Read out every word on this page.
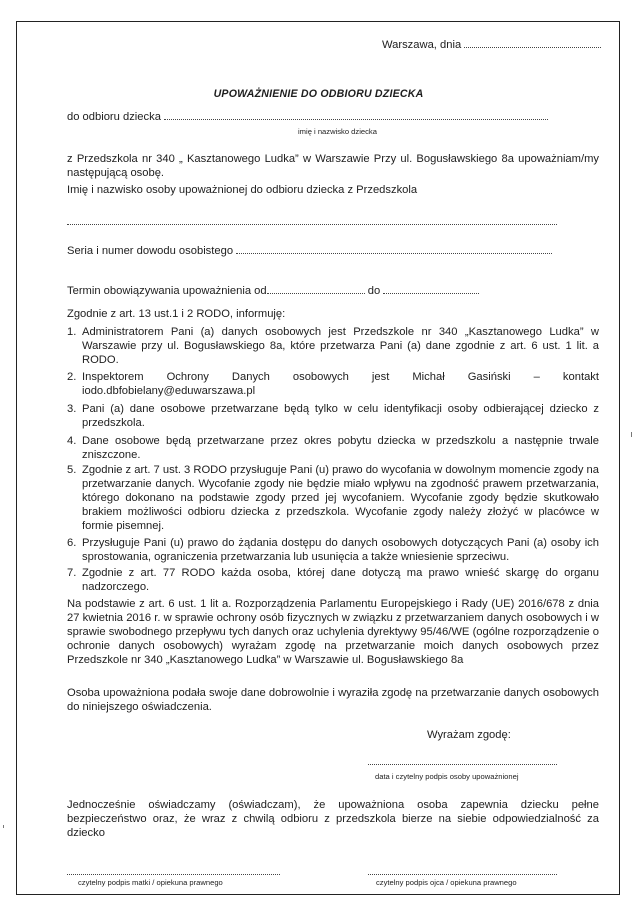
Warszawa, dnia
UPOWAŻNIENIE DO ODBIORU DZIECKA
do odbioru dziecka
imię i nazwisko dziecka
z Przedszkola nr 340 „ Kasztanowego Ludka” w Warszawie Przy ul. Bogusławskiego 8a upoważniam/my następującą osobę.
Imię i nazwisko osoby upoważnionej do odbioru dziecka z Przedszkola
Seria i numer dowodu osobistego
Termin obowiązywania upoważnienia od	do
Zgodnie z art. 13 ust.1 i 2 RODO, informuję:
1. Administratorem Pani (a) danych osobowych jest Przedszkole nr 340 „Kasztanowego Ludka” w Warszawie przy ul. Bogusławskiego 8a, które przetwarza Pani (a) dane zgodnie z art. 6 ust. 1 lit. a RODO.
2. Inspektorem Ochrony Danych osobowych jest Michał Gasiński – kontakt iodo.dbfobielany@eduwarszawa.pl
3. Pani (a) dane osobowe przetwarzane będą tylko w celu identyfikacji osoby odbierającej dziecko z przedszkola.
4. Dane osobowe będą przetwarzane przez okres pobytu dziecka w przedszkolu a następnie trwale zniszczone.
5. Zgodnie z art. 7 ust. 3 RODO przysługuje Pani (u) prawo do wycofania w dowolnym momencie zgody na przetwarzanie danych. Wycofanie zgody nie będzie miało wpływu na zgodność prawem przetwarzania, którego dokonano na podstawie zgody przed jej wycofaniem. Wycofanie zgody będzie skutkowało brakiem możliwości odbioru dziecka z przedszkola. Wycofanie zgody należy złożyć w placówce w formie pisemnej.
6. Przysługuje Pani (u) prawo do żądania dostępu do danych osobowych dotyczących Pani (a) osoby ich sprostowania, ograniczenia przetwarzania lub usunięcia a także wniesienie sprzeciwu.
7. Zgodnie z art. 77 RODO każda osoba, której dane dotyczą ma prawo wnieść skargę do organu nadzorczego.
Na podstawie z art. 6 ust. 1 lit a. Rozporządzenia Parlamentu Europejskiego i Rady (UE) 2016/678 z dnia 27 kwietnia 2016 r. w sprawie ochrony osób fizycznych w związku z przetwarzaniem danych osobowych i w sprawie swobodnego przepływu tych danych oraz uchylenia dyrektywy 95/46/WE (ogólne rozporządzenie o ochronie danych osobowych) wyrażam zgodę na przetwarzanie moich danych osobowych przez Przedszkole nr 340 „Kasztanowego Ludka” w Warszawie ul. Bogusławskiego 8a
Osoba upoważniona podała swoje dane dobrowolnie i wyraziła zgodę na przetwarzanie danych osobowych do niniejszego oświadczenia.
Wyrażam zgodę:
data i czytelny podpis osoby upoważnionej
Jednocześnie oświadczamy (oświadczam), że upoważniona osoba zapewnia dziecku pełne bezpieczeństwo oraz, że wraz z chwilą odbioru z przedszkola bierze na siebie odpowiedzialność za dziecko
czytelny podpis matki / opiekuna prawnego	czytelny podpis ojca / opiekuna prawnego
